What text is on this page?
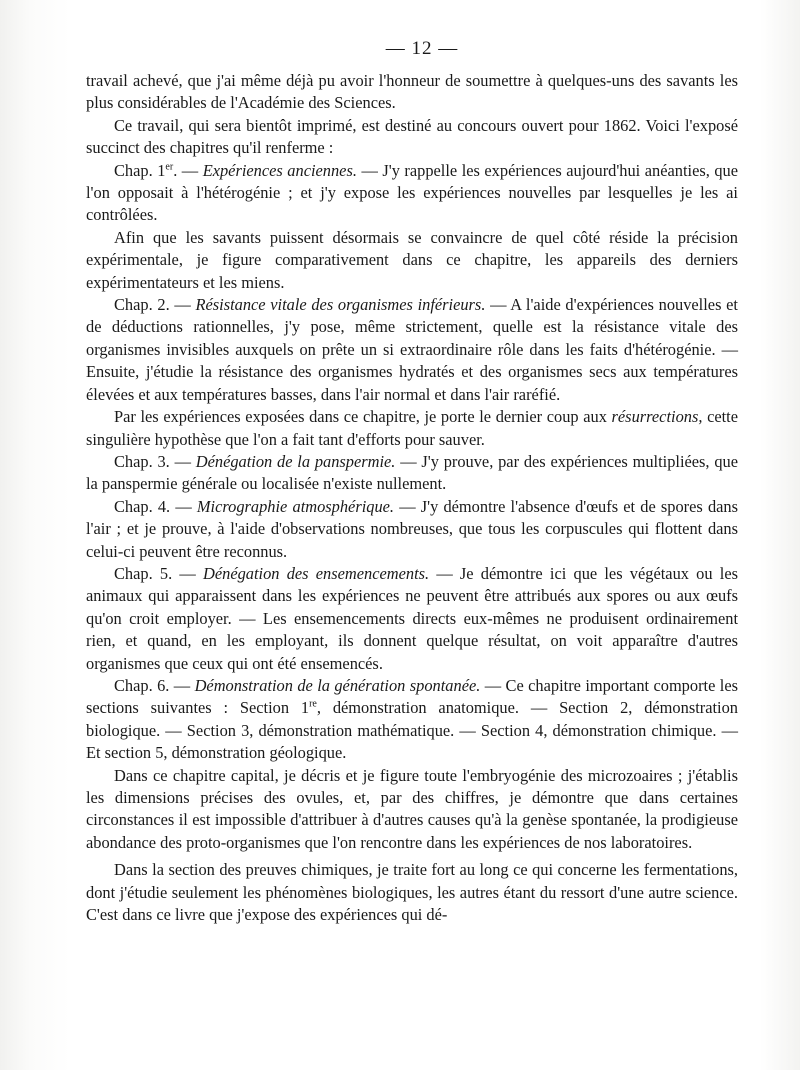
— 12 —

travail achevé, que j'ai même déjà pu avoir l'honneur de soumettre à quelques-uns des savants les plus considérables de l'Académie des Sciences.

Ce travail, qui sera bientôt imprimé, est destiné au concours ouvert pour 1862. Voici l'exposé succinct des chapitres qu'il renferme :

Chap. 1er. — Expériences anciennes. — J'y rappelle les expériences aujourd'hui anéanties, que l'on opposait à l'hétérogénie ; et j'y expose les expériences nouvelles par lesquelles je les ai contrôlées.

Afin que les savants puissent désormais se convaincre de quel côté réside la précision expérimentale, je figure comparativement dans ce chapitre, les appareils des derniers expérimentateurs et les miens.

Chap. 2. — Résistance vitale des organismes inférieurs. — A l'aide d'expériences nouvelles et de déductions rationnelles, j'y pose, même strictement, quelle est la résistance vitale des organismes invisibles auxquels on prête un si extraordinaire rôle dans les faits d'hétérogénie. — Ensuite, j'étudie la résistance des organismes hydratés et des organismes secs aux températures élevées et aux températures basses, dans l'air normal et dans l'air raréfié.

Par les expériences exposées dans ce chapitre, je porte le dernier coup aux résurrections, cette singulière hypothèse que l'on a fait tant d'efforts pour sauver.

Chap. 3. — Dénégation de la panspermie. — J'y prouve, par des expériences multipliées, que la panspermie générale ou localisée n'existe nullement.

Chap. 4. — Micrographie atmosphérique. — J'y démontre l'absence d'œufs et de spores dans l'air ; et je prouve, à l'aide d'observations nombreuses, que tous les corpuscules qui flottent dans celui-ci peuvent être reconnus.

Chap. 5. — Dénégation des ensemencements. — Je démontre ici que les végétaux ou les animaux qui apparaissent dans les expériences ne peuvent être attribués aux spores ou aux œufs qu'on croit employer. — Les ensemencements directs eux-mêmes ne produisent ordinairement rien, et quand, en les employant, ils donnent quelque résultat, on voit apparaître d'autres organismes que ceux qui ont été ensemencés.

Chap. 6. — Démonstration de la génération spontanée. — Ce chapitre important comporte les sections suivantes : Section 1re, démonstration anatomique. — Section 2, démonstration biologique. — Section 3, démonstration mathématique. — Section 4, démonstration chimique. — Et section 5, démonstration géologique.

Dans ce chapitre capital, je décris et je figure toute l'embryogénie des microzoaires ; j'établis les dimensions précises des ovules, et, par des chiffres, je démontre que dans certaines circonstances il est impossible d'attribuer à d'autres causes qu'à la genèse spontanée, la prodigieuse abondance des proto-organismes que l'on rencontre dans les expériences de nos laboratoires.

Dans la section des preuves chimiques, je traite fort au long ce qui concerne les fermentations, dont j'étudie seulement les phénomènes biologiques, les autres étant du ressort d'une autre science. C'est dans ce livre que j'expose des expériences qui dé-
